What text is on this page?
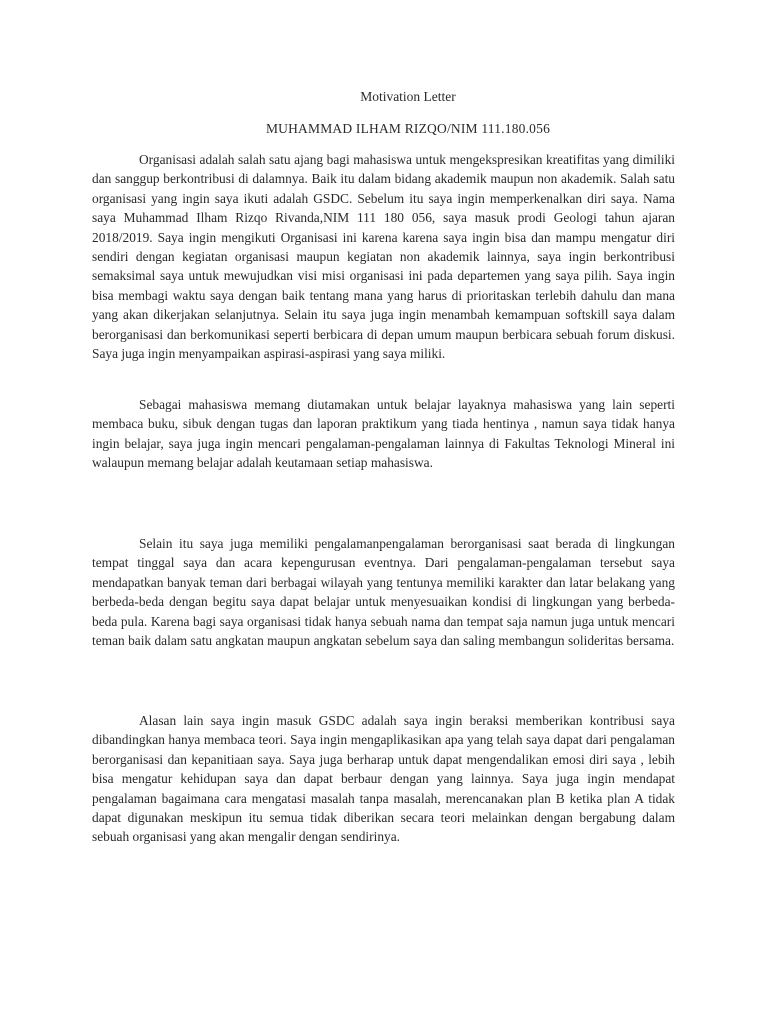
Motivation Letter
MUHAMMAD ILHAM RIZQO/NIM 111.180.056

Organisasi adalah salah satu ajang bagi mahasiswa untuk mengekspresikan kreatifitas yang dimiliki dan sanggup berkontribusi di dalamnya. Baik itu dalam bidang akademik maupun non akademik. Salah satu organisasi yang ingin saya ikuti adalah GSDC. Sebelum itu saya ingin memperkenalkan diri saya. Nama saya Muhammad Ilham Rizqo Rivanda,NIM 111 180 056, saya masuk prodi Geologi tahun ajaran 2018/2019. Saya ingin mengikuti Organisasi ini karena karena saya ingin bisa dan mampu mengatur diri sendiri dengan kegiatan organisasi maupun kegiatan non akademik lainnya, saya ingin berkontribusi semaksimal saya untuk mewujudkan visi misi organisasi ini pada departemen yang saya pilih. Saya ingin bisa membagi waktu saya dengan baik tentang mana yang harus di prioritaskan terlebih dahulu dan mana yang akan dikerjakan selanjutnya. Selain itu saya juga ingin menambah kemampuan softskill saya dalam berorganisasi dan berkomunikasi seperti berbicara di depan umum maupun berbicara sebuah forum diskusi. Saya juga ingin menyampaikan aspirasi-aspirasi yang saya miliki.

Sebagai mahasiswa memang diutamakan untuk belajar layaknya mahasiswa yang lain seperti membaca buku, sibuk dengan tugas dan laporan praktikum yang tiada hentinya , namun saya tidak hanya ingin belajar, saya juga ingin mencari pengalaman-pengalaman lainnya di Fakultas Teknologi Mineral ini walaupun memang belajar adalah keutamaan setiap mahasiswa.

Selain itu saya juga memiliki pengalamanpengalaman berorganisasi saat berada di lingkungan tempat tinggal saya dan acara kepengurusan eventnya. Dari pengalaman-pengalaman tersebut saya mendapatkan banyak teman dari berbagai wilayah yang tentunya memiliki karakter dan latar belakang yang berbeda-beda dengan begitu saya dapat belajar untuk menyesuaikan kondisi di lingkungan yang berbeda-beda pula. Karena bagi saya organisasi tidak hanya sebuah nama dan tempat saja namun juga untuk mencari teman baik dalam satu angkatan maupun angkatan sebelum saya dan saling membangun solideritas bersama.

Alasan lain saya ingin masuk GSDC adalah saya ingin beraksi memberikan kontribusi saya dibandingkan hanya membaca teori. Saya ingin mengaplikasikan apa yang telah saya dapat dari pengalaman berorganisasi dan kepanitiaan saya. Saya juga berharap untuk dapat mengendalikan emosi diri saya , lebih bisa mengatur kehidupan saya dan dapat berbaur dengan yang lainnya. Saya juga ingin mendapat pengalaman bagaimana cara mengatasi masalah tanpa masalah, merencanakan plan B ketika plan A tidak dapat digunakan meskipun itu semua tidak diberikan secara teori melainkan dengan bergabung dalam sebuah organisasi yang akan mengalir dengan sendirinya.
